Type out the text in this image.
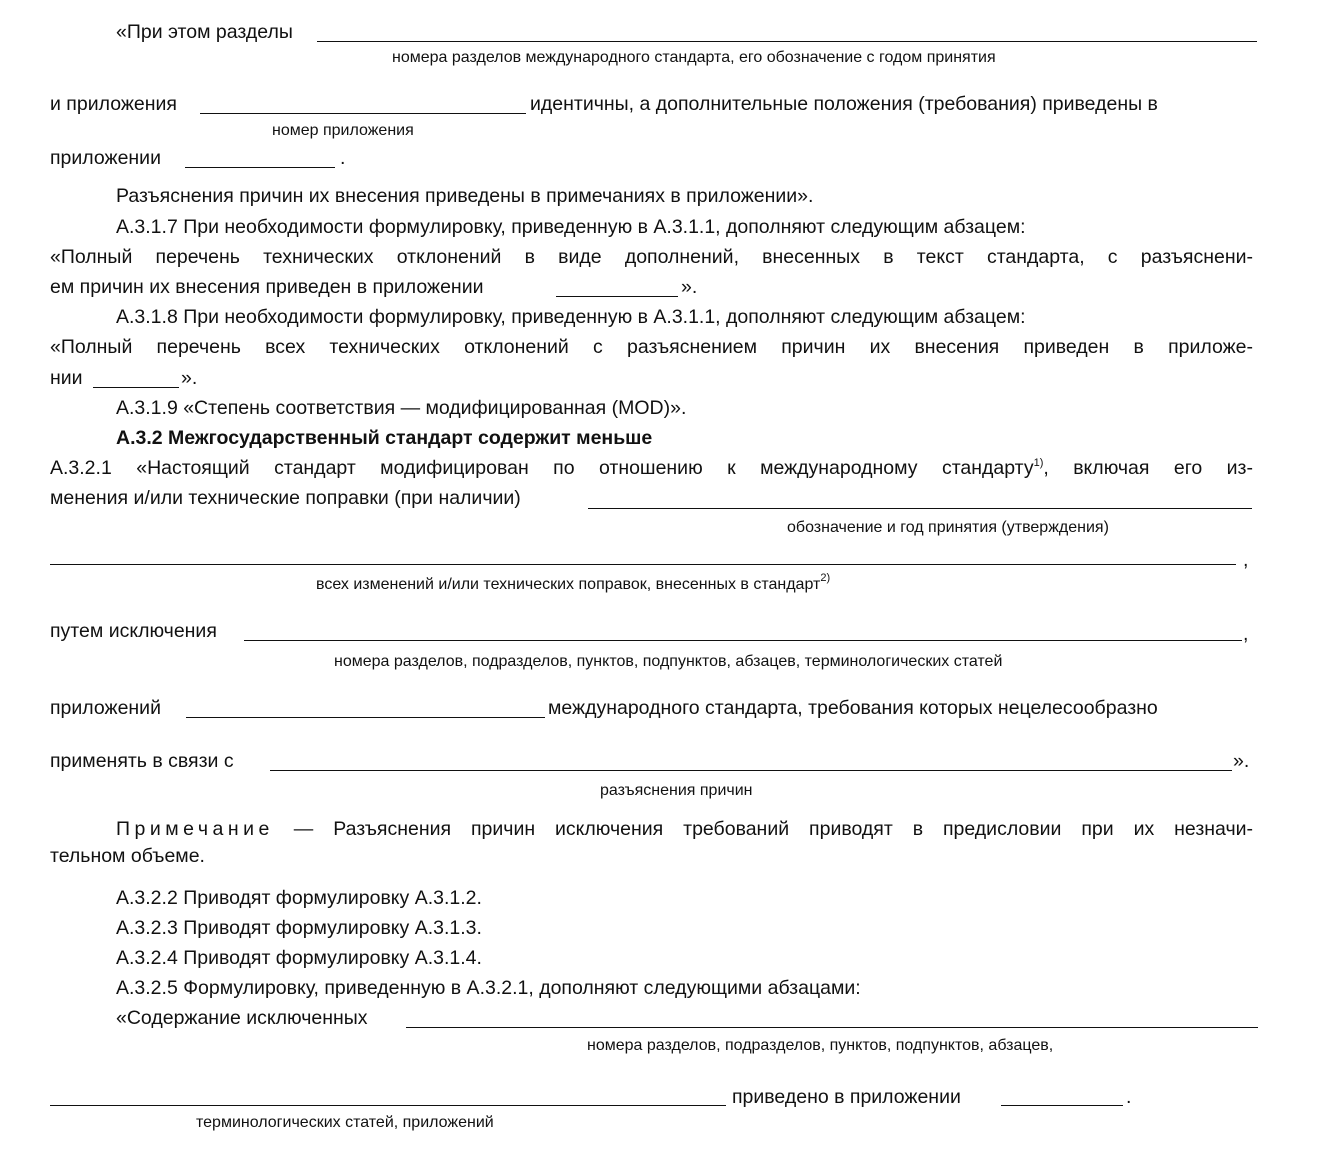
«При этом разделы
номера разделов международного стандарта, его обозначение с годом принятия
и приложения	идентичны, а дополнительные положения (требования) приведены в
номер приложения
приложении	.
Разъяснения причин их внесения приведены в примечаниях в приложении».
А.3.1.7 При необходимости формулировку, приведенную в А.3.1.1, дополняют следующим абзацем:
«Полный перечень технических отклонений в виде дополнений, внесенных в текст стандарта, с разъяснени-
ем причин их внесения приведен в приложении	».
А.3.1.8 При необходимости формулировку, приведенную в А.3.1.1, дополняют следующим абзацем:
«Полный перечень всех технических отклонений с разъяснением причин их внесения приведен в приложе-
нии	».
А.3.1.9 «Степень соответствия — модифицированная (MOD)».
А.3.2 Межгосударственный стандарт содержит меньше
А.3.2.1 «Настоящий стандарт модифицирован по отношению к международному стандарту$^{1)}$, включая его из-
менения и/или технические поправки (при наличии)
обозначение и год принятия (утверждения)
,
всех изменений и/или технических поправок, внесенных в стандарт$^{2)}$
путем исключения	,
номера разделов, подразделов, пунктов, подпунктов, абзацев, терминологических статей
приложений	международного стандарта, требования которых нецелесообразно
применять в связи с	».
разъяснения причин
Примечание — Разъяснения причин исключения требований приводят в предисловии при их незначи-
тельном объеме.
А.3.2.2 Приводят формулировку А.3.1.2.
А.3.2.3 Приводят формулировку А.3.1.3.
А.3.2.4 Приводят формулировку А.3.1.4.
А.3.2.5 Формулировку, приведенную в А.3.2.1, дополняют следующими абзацами:
«Содержание исключенных
номера разделов, подразделов, пунктов, подпунктов, абзацев,
приведено в приложении	.
терминологических статей, приложений
